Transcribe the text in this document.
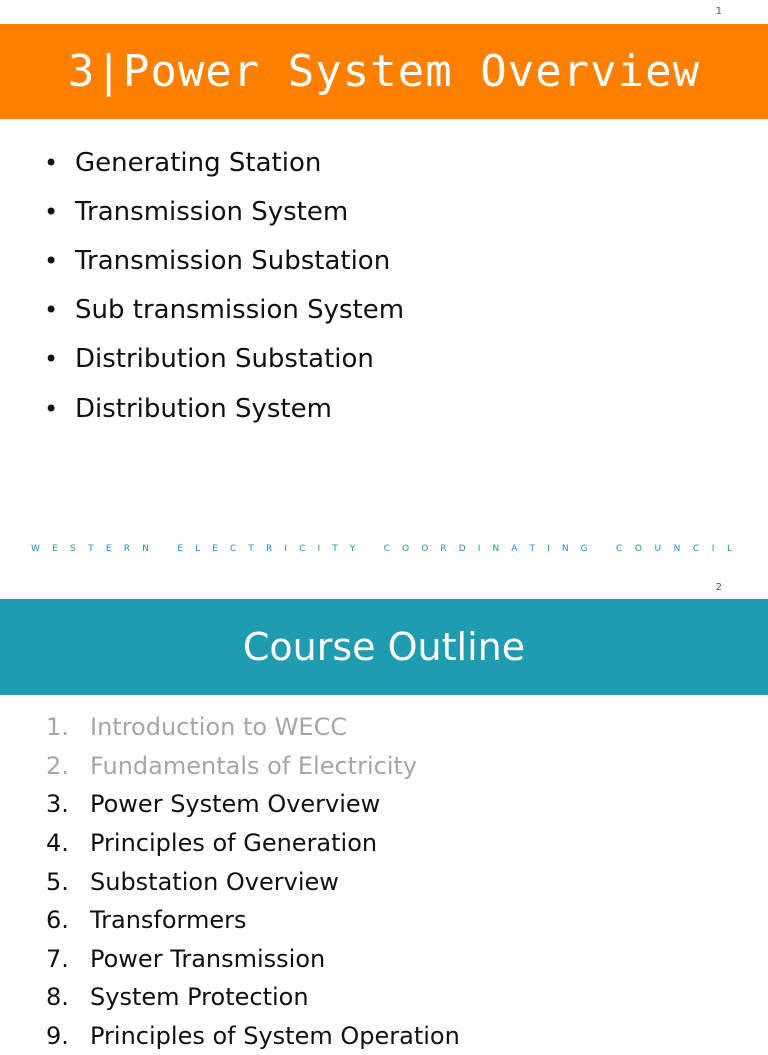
1
3|Power System Overview
• Generating Station
• Transmission System
• Transmission Substation
• Sub transmission System
• Distribution Substation
• Distribution System
W E S T E R N	E L E C T R I C I T Y	C O O R D I N A T I N G	C O U N C I L
2
Course Outline
1. Introduction to WECC
2. Fundamentals of Electricity
3. Power System Overview
4. Principles of Generation
5. Substation Overview
6. Transformers
7. Power Transmission
8. System Protection
9. Principles of System Operation
